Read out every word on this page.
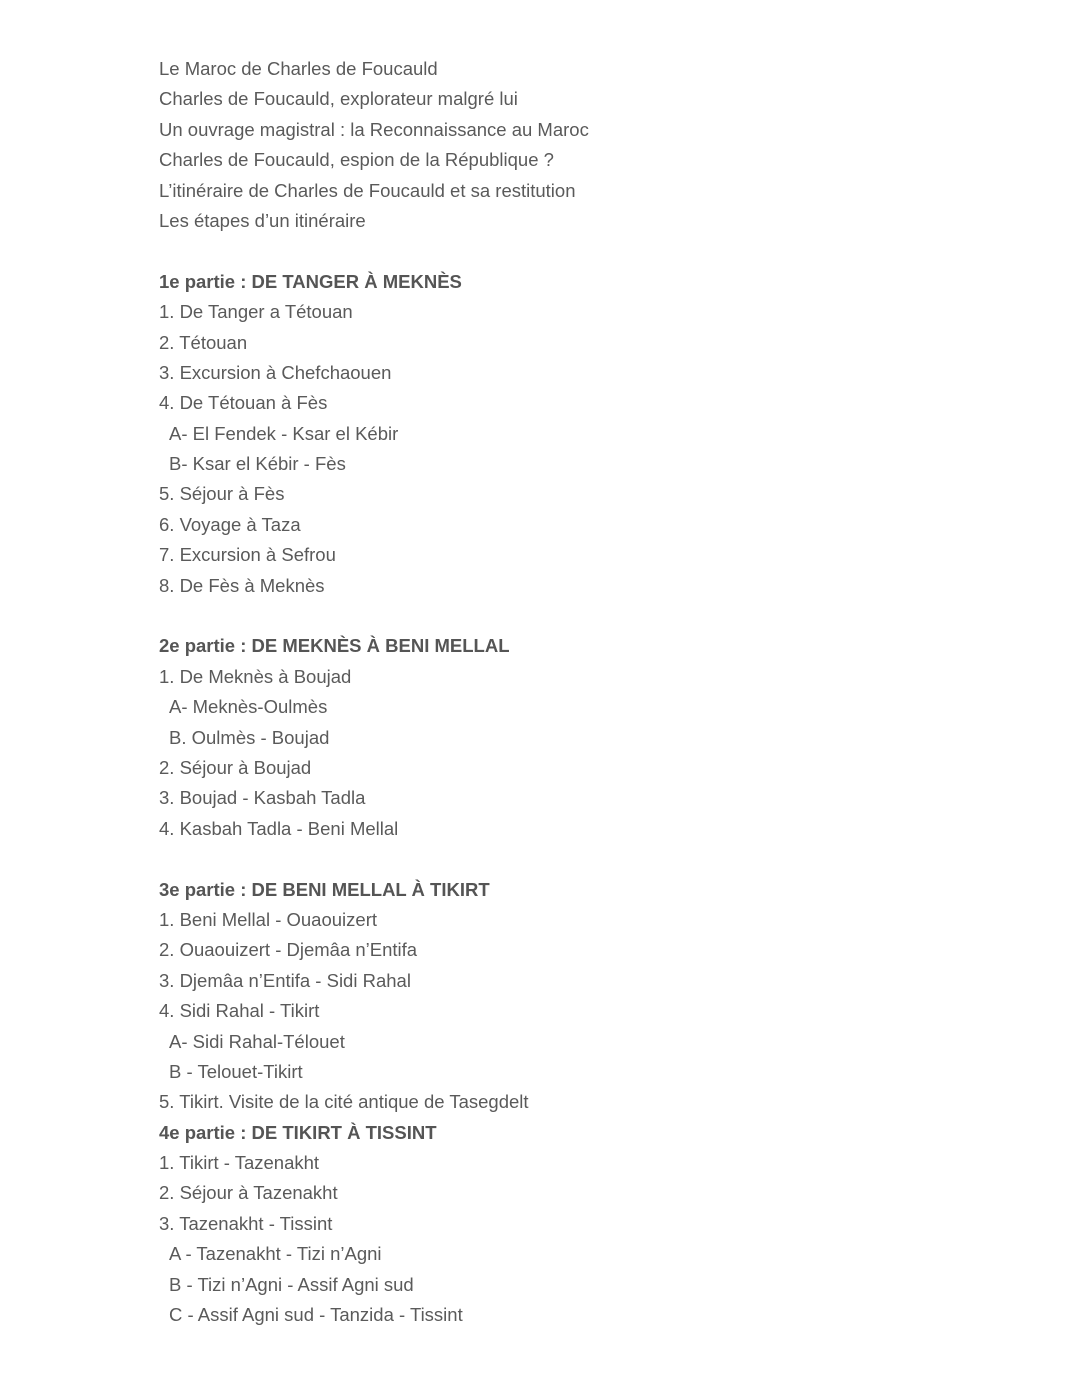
Le Maroc de Charles de Foucauld
Charles de Foucauld, explorateur malgré lui
Un ouvrage magistral : la Reconnaissance au Maroc
Charles de Foucauld, espion de la République ?
L’itinéraire de Charles de Foucauld et sa restitution
Les étapes d’un itinéraire
1e partie : DE TANGER À MEKNÈS
1. De Tanger a Tétouan
2. Tétouan
3. Excursion à Chefchaouen
4. De Tétouan à Fès
A- El Fendek - Ksar el Kébir
B- Ksar el Kébir - Fès
5. Séjour à Fès
6. Voyage à Taza
7. Excursion à Sefrou
8. De Fès à Meknès
2e partie : DE MEKNÈS À BENI MELLAL
1. De Meknès à Boujad
A- Meknès-Oulmès
B. Oulmès - Boujad
2. Séjour à Boujad
3. Boujad - Kasbah Tadla
4. Kasbah Tadla - Beni Mellal
3e partie : DE BENI MELLAL À TIKIRT
1. Beni Mellal - Ouaouizert
2. Ouaouizert - Djemâa n’Entifa
3. Djemâa n’Entifa - Sidi Rahal
4. Sidi Rahal - Tikirt
A- Sidi Rahal-Télouet
B - Telouet-Tikirt
5. Tikirt. Visite de la cité antique de Tasegdelt
4e partie : DE TIKIRT À TISSINT
1. Tikirt - Tazenakht
2. Séjour à Tazenakht
3. Tazenakht - Tissint
A - Tazenakht - Tizi n’Agni
B - Tizi n’Agni - Assif Agni sud
C - Assif Agni sud - Tanzida - Tissint
